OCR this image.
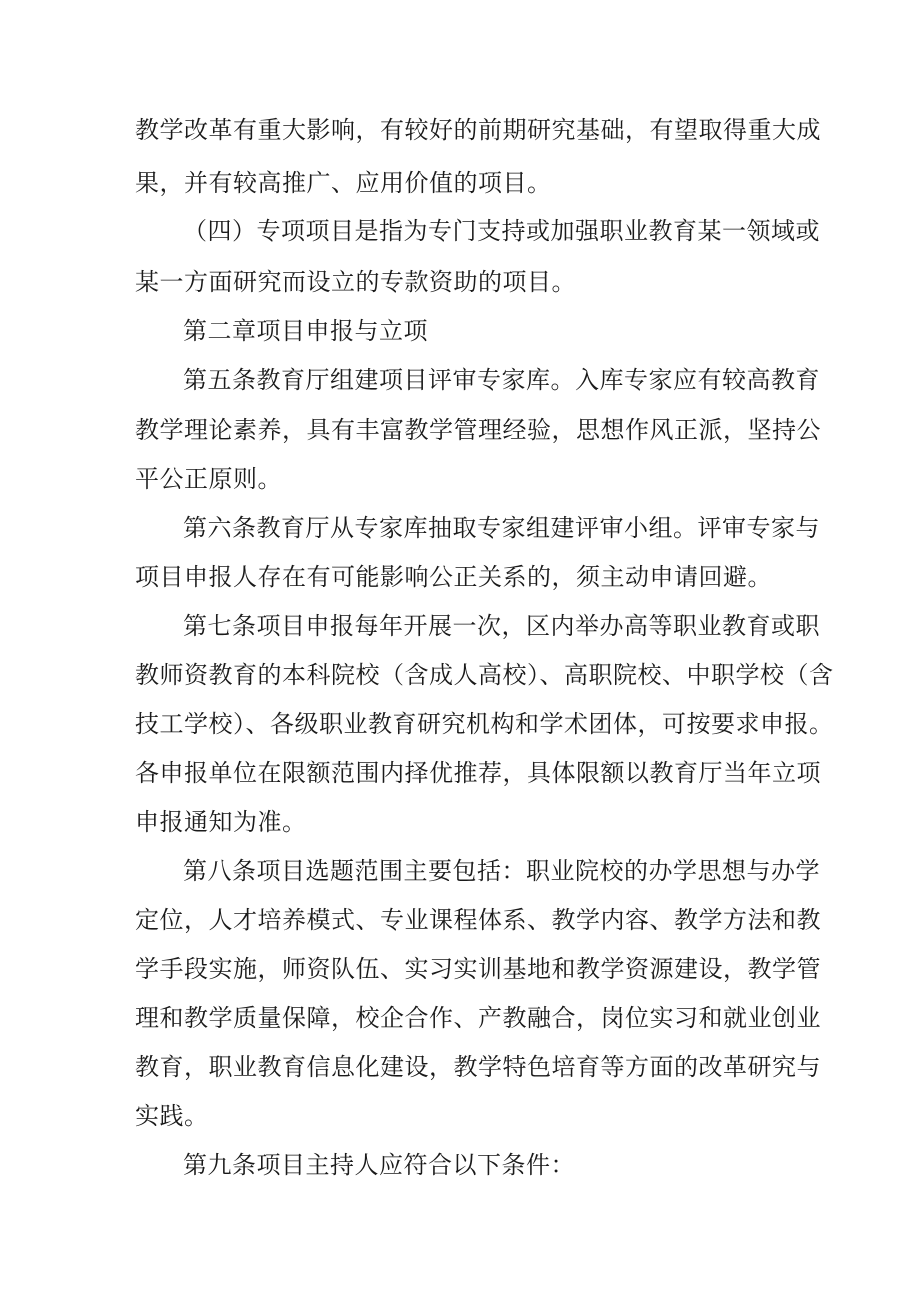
教学改革有重大影响，有较好的前期研究基础，有望取得重大成
果，并有较高推广、应用价值的项目。
（四）专项项目是指为专门支持或加强职业教育某一领域或
某一方面研究而设立的专款资助的项目。
第二章项目申报与立项
第五条教育厅组建项目评审专家库。入库专家应有较高教育
教学理论素养，具有丰富教学管理经验，思想作风正派，坚持公
平公正原则。
第六条教育厅从专家库抽取专家组建评审小组。评审专家与
项目申报人存在有可能影响公正关系的，须主动申请回避。
第七条项目申报每年开展一次，区内举办高等职业教育或职
教师资教育的本科院校（含成人高校）、高职院校、中职学校（含
技工学校）、各级职业教育研究机构和学术团体，可按要求申报。
各申报单位在限额范围内择优推荐，具体限额以教育厅当年立项
申报通知为准。
第八条项目选题范围主要包括：职业院校的办学思想与办学
定位，人才培养模式、专业课程体系、教学内容、教学方法和教
学手段实施，师资队伍、实习实训基地和教学资源建设，教学管
理和教学质量保障，校企合作、产教融合，岗位实习和就业创业
教育，职业教育信息化建设，教学特色培育等方面的改革研究与
实践。
第九条项目主持人应符合以下条件：
